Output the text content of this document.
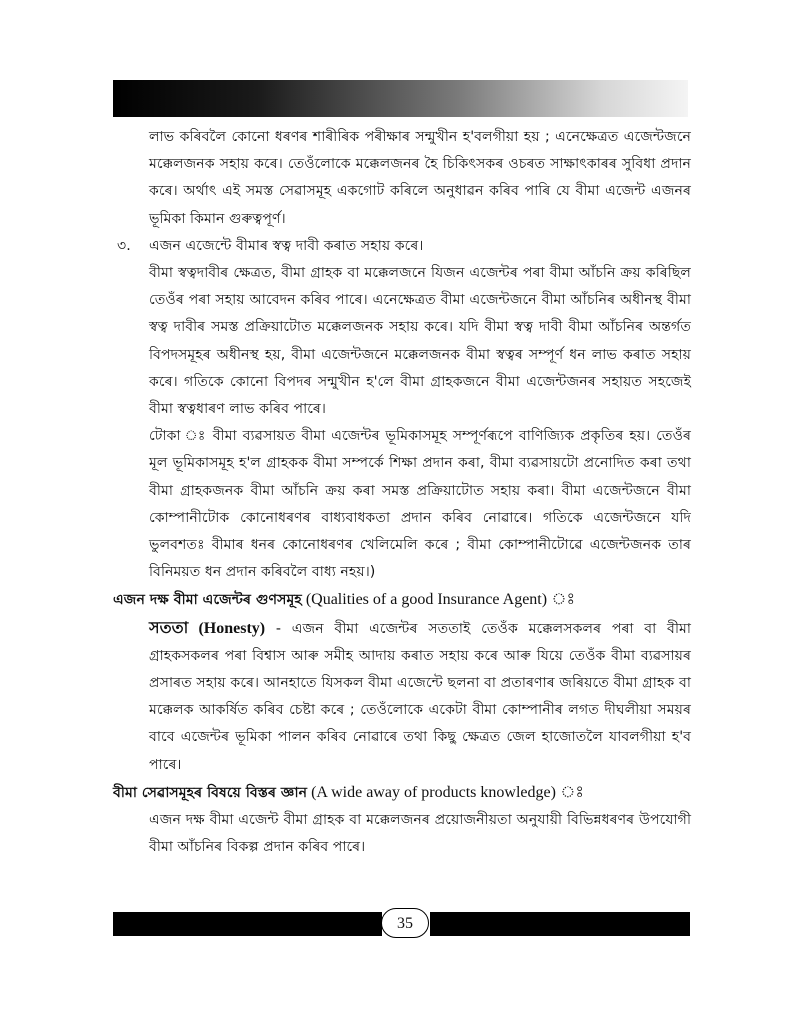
লাভ কৰিবলৈ কোনো ধৰণৰ শাৰীৰিক পৰীক্ষাৰ সন্মুখীন হ'বলগীয়া হয় ; এনেক্ষেত্ৰত এজেন্টজনে মক্কেলজনক সহায় কৰে। তেওঁলোকে মক্কেলজনৰ হৈ চিকিৎসকৰ ওচৰত সাক্ষাৎকাৰৰ সুবিধা প্ৰদান কৰে। অৰ্থাৎ এই সমস্ত সেৱাসমূহ একগোট কৰিলে অনুধাৱন কৰিব পাৰি যে বীমা এজেন্ট এজনৰ ভূমিকা কিমান গুৰুত্বপূৰ্ণ।

৩. এজন এজেন্টে বীমাৰ স্বত্ব দাবী কৰাত সহায় কৰে।

বীমা স্বত্বদাবীৰ ক্ষেত্ৰত, বীমা গ্ৰাহক বা মক্কেলজনে যিজন এজেন্টৰ পৰা বীমা আঁচনি ক্ৰয় কৰিছিল তেওঁৰ পৰা সহায় আবেদন কৰিব পাৰে। এনেক্ষেত্ৰত বীমা এজেন্টজনে বীমা আঁচনিৰ অধীনস্থ বীমা স্বত্ব দাবীৰ সমস্ত প্ৰক্ৰিয়াটোত মক্কেলজনক সহায় কৰে। যদি বীমা স্বত্ব দাবী বীমা আঁচনিৰ অন্তৰ্গত বিপদসমূহৰ অধীনস্থ হয়, বীমা এজেন্টজনে মক্কেলজনক বীমা স্বত্বৰ সম্পূৰ্ণ ধন লাভ কৰাত সহায় কৰে। গতিকে কোনো বিপদৰ সন্মুখীন হ'লে বীমা গ্ৰাহকজনে বীমা এজেন্টজনৰ সহায়ত সহজেই বীমা স্বত্বধাৰণ লাভ কৰিব পাৰে।

টোকা ঃ বীমা ব্যৱসায়ত বীমা এজেন্টৰ ভূমিকাসমূহ সম্পূৰ্ণৰূপে বাণিজ্যিক প্ৰকৃতিৰ হয়। তেওঁৰ মূল ভূমিকাসমূহ হ'ল গ্ৰাহকক বীমা সম্পৰ্কে শিক্ষা প্ৰদান কৰা, বীমা ব্যৱসায়টো প্ৰনোদিত কৰা তথা বীমা গ্ৰাহকজনক বীমা আঁচনি ক্ৰয় কৰা সমস্ত প্ৰক্ৰিয়াটোত সহায় কৰা। বীমা এজেন্টজনে বীমা কোম্পানীটোক কোনোধৰণৰ বাধ্যবাধকতা প্ৰদান কৰিব নোৱাৰে। গতিকে এজেন্টজনে যদি ভুলবশতঃ বীমাৰ ধনৰ কোনোধৰণৰ খেলিমেলি কৰে ; বীমা কোম্পানীটোৱে এজেন্টজনক তাৰ বিনিময়ত ধন প্ৰদান কৰিবলৈ বাধ্য নহয়।)

এজন দক্ষ বীমা এজেন্টৰ গুণসমূহ (Qualities of a good Insurance Agent) ঃ

সততা (Honesty) - এজন বীমা এজেন্টৰ সততাই তেওঁক মক্কেলসকলৰ পৰা বা বীমা গ্ৰাহকসকলৰ পৰা বিশ্বাস আৰু সমীহ আদায় কৰাত সহায় কৰে আৰু যিয়ে তেওঁক বীমা ব্যৱসায়ৰ প্ৰসাৰত সহায় কৰে। আনহাতে যিসকল বীমা এজেন্টে ছলনা বা প্ৰতাৰণাৰ জৰিয়তে বীমা গ্ৰাহক বা মক্কেলক আকৰ্ষিত কৰিব চেষ্টা কৰে ; তেওঁলোকে একেটা বীমা কোম্পানীৰ লগত দীঘলীয়া সময়ৰ বাবে এজেন্টৰ ভূমিকা পালন কৰিব নোৱাৰে তথা কিছু ক্ষেত্ৰত জেল হাজোতলৈ যাবলগীয়া হ'ব পাৰে।

বীমা সেৱাসমূহৰ বিষয়ে বিস্তৰ জ্ঞান (A wide away of products knowledge) ঃ

এজন দক্ষ বীমা এজেন্ট বীমা গ্ৰাহক বা মক্কেলজনৰ প্ৰয়োজনীয়তা অনুযায়ী বিভিন্নধৰণৰ উপযোগী বীমা আঁচনিৰ বিকল্প প্ৰদান কৰিব পাৰে।

35
